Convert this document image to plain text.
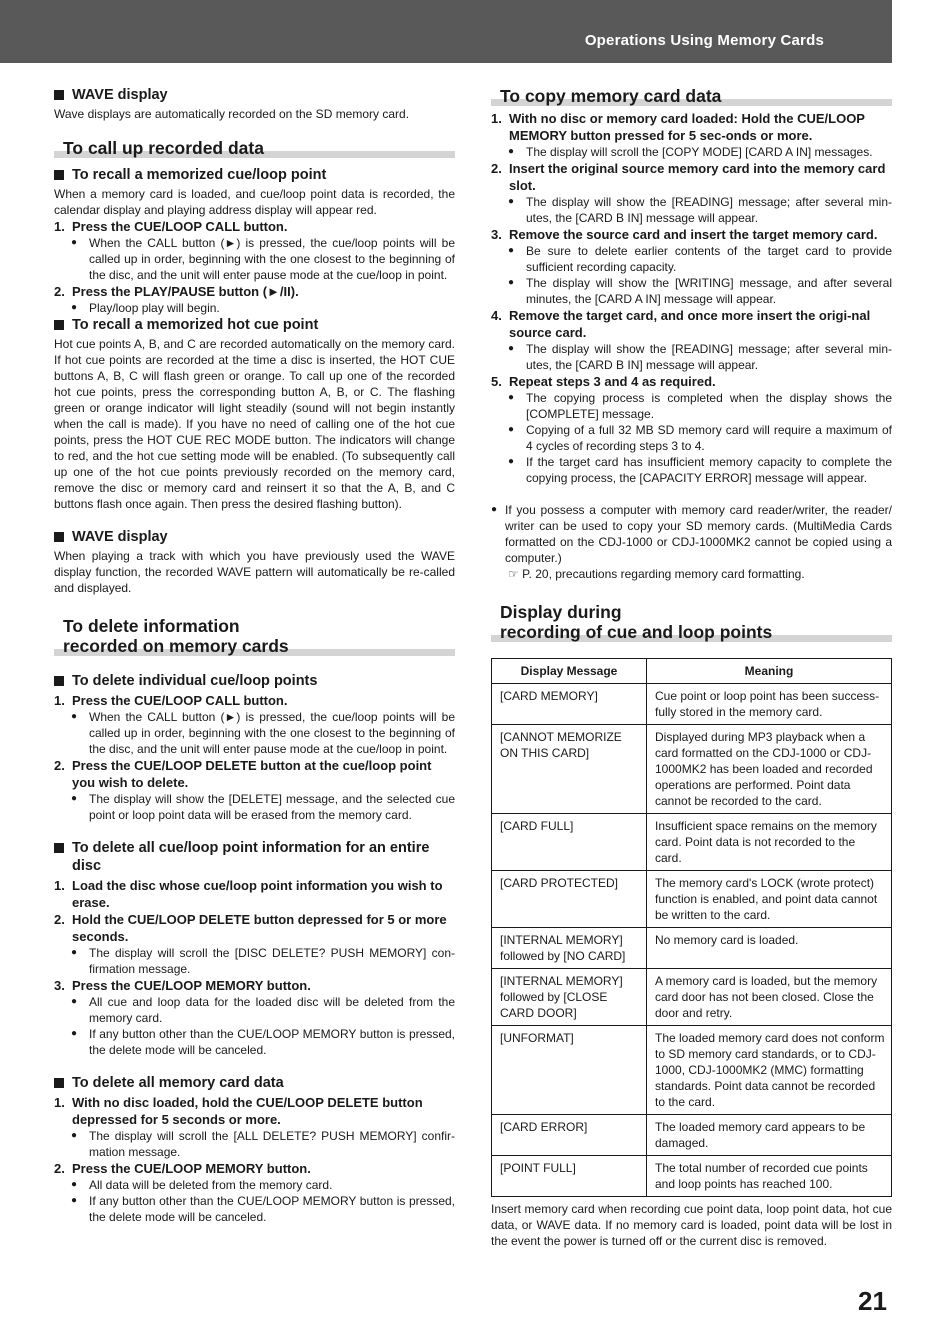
Operations Using Memory Cards
WAVE display

Wave displays are automatically recorded on the SD memory card.

To call up recorded data
To recall a memorized cue/loop point

When a memory card is loaded, and cue/loop point data is recorded, the calendar display and playing address display will appear red.

1. Press the CUE/LOOP CALL button.
● When the CALL button (►) is pressed, the cue/loop points will be called up in order, beginning with the one closest to the beginning of the disc, and the unit will enter pause mode at the cue/loop in point.
2. Press the PLAY/PAUSE button (►/II).
● Play/loop play will begin.
To recall a memorized hot cue point

Hot cue points A, B, and C are recorded automatically on the memory card. If hot cue points are recorded at the time a disc is inserted, the HOT CUE buttons A, B, C will flash green or orange. To call up one of the recorded hot cue points, press the corresponding button A, B, or C. The flashing green or orange indicator will light steadily (sound will not begin instantly when the call is made). If you have no need of calling one of the hot cue points, press the HOT CUE REC MODE button. The indicators will change to red, and the hot cue setting mode will be enabled. (To subsequently call up one of the hot cue points previously recorded on the memory card, remove the disc or memory card and reinsert it so that the A, B, and C buttons flash once again. Then press the desired flashing button).

WAVE display

When playing a track with which you have previously used the WAVE display function, the recorded WAVE pattern will automatically be re-called and displayed.

To delete information
recorded on memory cards
To delete individual cue/loop points
1. Press the CUE/LOOP CALL button.
● When the CALL button (►) is pressed, the cue/loop points will be called up in order, beginning with the one closest to the beginning of the disc, and the unit will enter pause mode at the cue/loop in point.
2. Press the CUE/LOOP DELETE button at the cue/loop point you wish to delete.
● The display will show the [DELETE] message, and the selected cue point or loop point data will be erased from the memory card.
To delete all cue/loop point information for an entire disc
1. Load the disc whose cue/loop point information you wish to erase.
2. Hold the CUE/LOOP DELETE button depressed for 5 or more seconds.
● The display will scroll the [DISC DELETE? PUSH MEMORY] con-firmation message.
3. Press the CUE/LOOP MEMORY button.
● All cue and loop data for the loaded disc will be deleted from the memory card.
● If any button other than the CUE/LOOP MEMORY button is pressed, the delete mode will be canceled.
To delete all memory card data
1. With no disc loaded, hold the CUE/LOOP DELETE button depressed for 5 seconds or more.
● The display will scroll the [ALL DELETE? PUSH MEMORY] confir-mation message.
2. Press the CUE/LOOP MEMORY button.
● All data will be deleted from the memory card.
● If any button other than the CUE/LOOP MEMORY button is pressed, the delete mode will be canceled.
To copy memory card data
1. With no disc or memory card loaded: Hold the CUE/LOOP MEMORY button pressed for 5 sec-onds or more.
● The display will scroll the [COPY MODE] [CARD A IN] messages.
2. Insert the original source memory card into the memory card slot.
● The display will show the [READING] message; after several min-utes, the [CARD B IN] message will appear.
3. Remove the source card and insert the target memory card.
● Be sure to delete earlier contents of the target card to provide sufficient recording capacity.
● The display will show the [WRITING] message, and after several minutes, the [CARD A IN] message will appear.
4. Remove the target card, and once more insert the origi-nal source card.
● The display will show the [READING] message; after several min-utes, the [CARD B IN] message will appear.
5. Repeat steps 3 and 4 as required.
● The copying process is completed when the display shows the [COMPLETE] message.
● Copying of a full 32 MB SD memory card will require a maximum of 4 cycles of recording steps 3 to 4.
● If the target card has insufficient memory capacity to complete the copying process, the [CAPACITY ERROR] message will appear.
● If you possess a computer with memory card reader/writer, the reader/ writer can be used to copy your SD memory cards. (MultiMedia Cards formatted on the CDJ-1000 or CDJ-1000MK2 cannot be copied using a computer.)
☞ P. 20, precautions regarding memory card formatting.
Display during
recording of cue and loop points
Display Message	Meaning
[CARD MEMORY]	Cue point or loop point has been success-fully stored in the memory card.
[CANNOT MEMORIZE ON THIS CARD]	Displayed during MP3 playback when a card formatted on the CDJ-1000 or CDJ-1000MK2 has been loaded and recorded operations are performed. Point data cannot be recorded to the card.
[CARD FULL]	Insufficient space remains on the memory card. Point data is not recorded to the card.
[CARD PROTECTED]	The memory card's LOCK (wrote protect) function is enabled, and point data cannot be written to the card.
[INTERNAL MEMORY] followed by [NO CARD]	No memory card is loaded.
[INTERNAL MEMORY] followed by [CLOSE CARD DOOR]	A memory card is loaded, but the memory card door has not been closed. Close the door and retry.
[UNFORMAT]	The loaded memory card does not conform to SD memory card standards, or to CDJ-1000, CDJ-1000MK2 (MMC) formatting standards. Point data cannot be recorded to the card.
[CARD ERROR]	The loaded memory card appears to be damaged.
[POINT FULL]	The total number of recorded cue points and loop points has reached 100.

Insert memory card when recording cue point data, loop point data, hot cue data, or WAVE data. If no memory card is loaded, point data will be lost in the event the power is turned off or the current disc is removed.

21
